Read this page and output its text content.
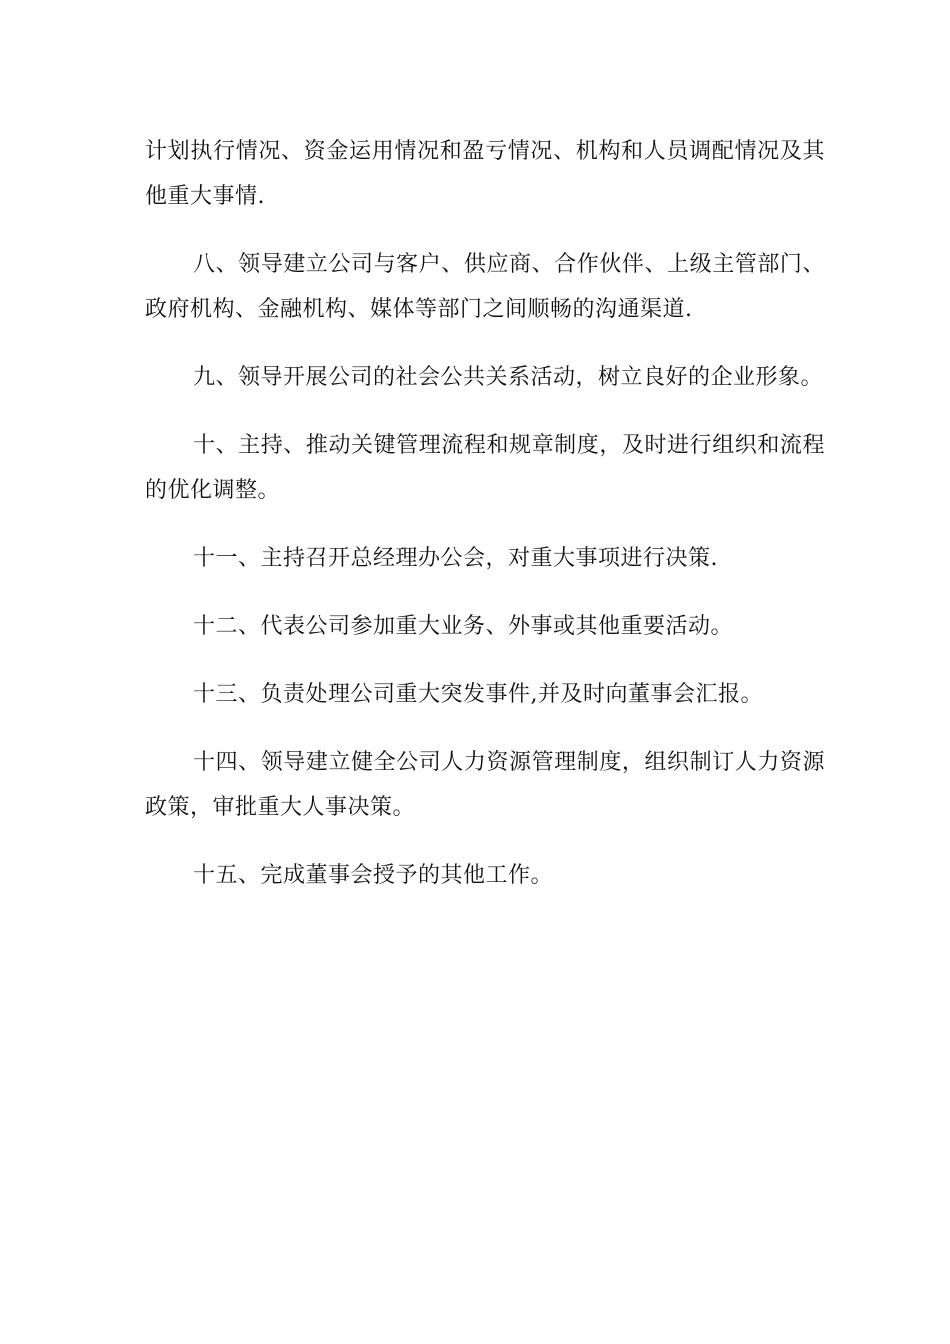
计划执行情况、资金运用情况和盈亏情况、机构和人员调配情况及其他重大事情.

八、领导建立公司与客户、供应商、合作伙伴、上级主管部门、政府机构、金融机构、媒体等部门之间顺畅的沟通渠道.

九、领导开展公司的社会公共关系活动，树立良好的企业形象。

十、主持、推动关键管理流程和规章制度，及时进行组织和流程的优化调整。

十一、主持召开总经理办公会，对重大事项进行决策.

十二、代表公司参加重大业务、外事或其他重要活动。

十三、负责处理公司重大突发事件,并及时向董事会汇报。

十四、领导建立健全公司人力资源管理制度，组织制订人力资源政策，审批重大人事决策。

十五、完成董事会授予的其他工作。
